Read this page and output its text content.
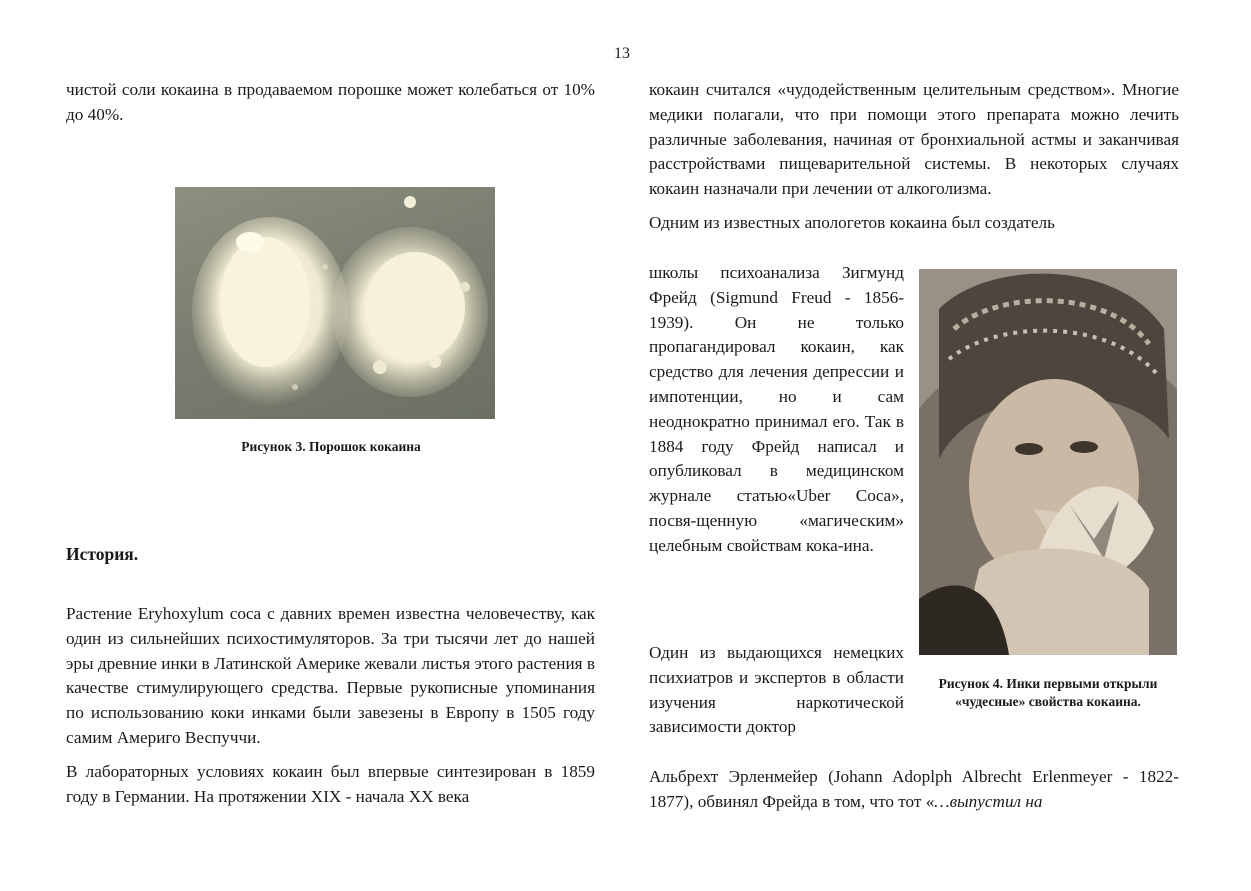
13

чистой соли кокаина в продаваемом порошке может колебаться от 10% до 40%.

Рисунок 3. Порошок кокаина
История.

Растение Eryhoxylum coca с давних времен известна человечеству, как один из сильнейших психостимуляторов. За три тысячи лет до нашей эры древние инки в Латинской Америке жевали листья этого растения в качестве стимулирующего средства. Первые рукописные упоминания по использованию коки инками были завезены в Европу в 1505 году самим Америго Веспуччи.

В лабораторных условиях кокаин был впервые синтезирован в 1859 году в Германии. На протяжении XIX - начала XX века

кокаин считался «чудодейственным целительным средством». Многие медики полагали, что при помощи этого препарата можно лечить различные заболевания, начиная от бронхиальной астмы и заканчивая расстройствами пищеварительной системы. В некоторых случаях кокаин назначали при лечении от алкоголизма.

Одним из известных апологетов кокаина был создатель

школы психоанализа Зигмунд Фрейд (Sigmund Freud - 1856-1939). Он не только пропагандировал кокаин, как средство для лечения депрессии и импотенции, но и сам неоднократно принимал его. Так в 1884 году Фрейд написал и опубликовал в медицинском журнале статью«Uber Coca», посвя-щенную «магическим» целебным свойствам кока-ина.

Рисунок 4. Инки первыми открыли «чудесные» свойства кокаина.

Один из выдающихся немецких психиатров и экспертов в области изучения наркотической зависимости доктор

Альбрехт Эрленмейер (Johann Adoplph Albrecht Erlenmeyer - 1822-1877), обвинял Фрейда в том, что тот «…выпустил на
